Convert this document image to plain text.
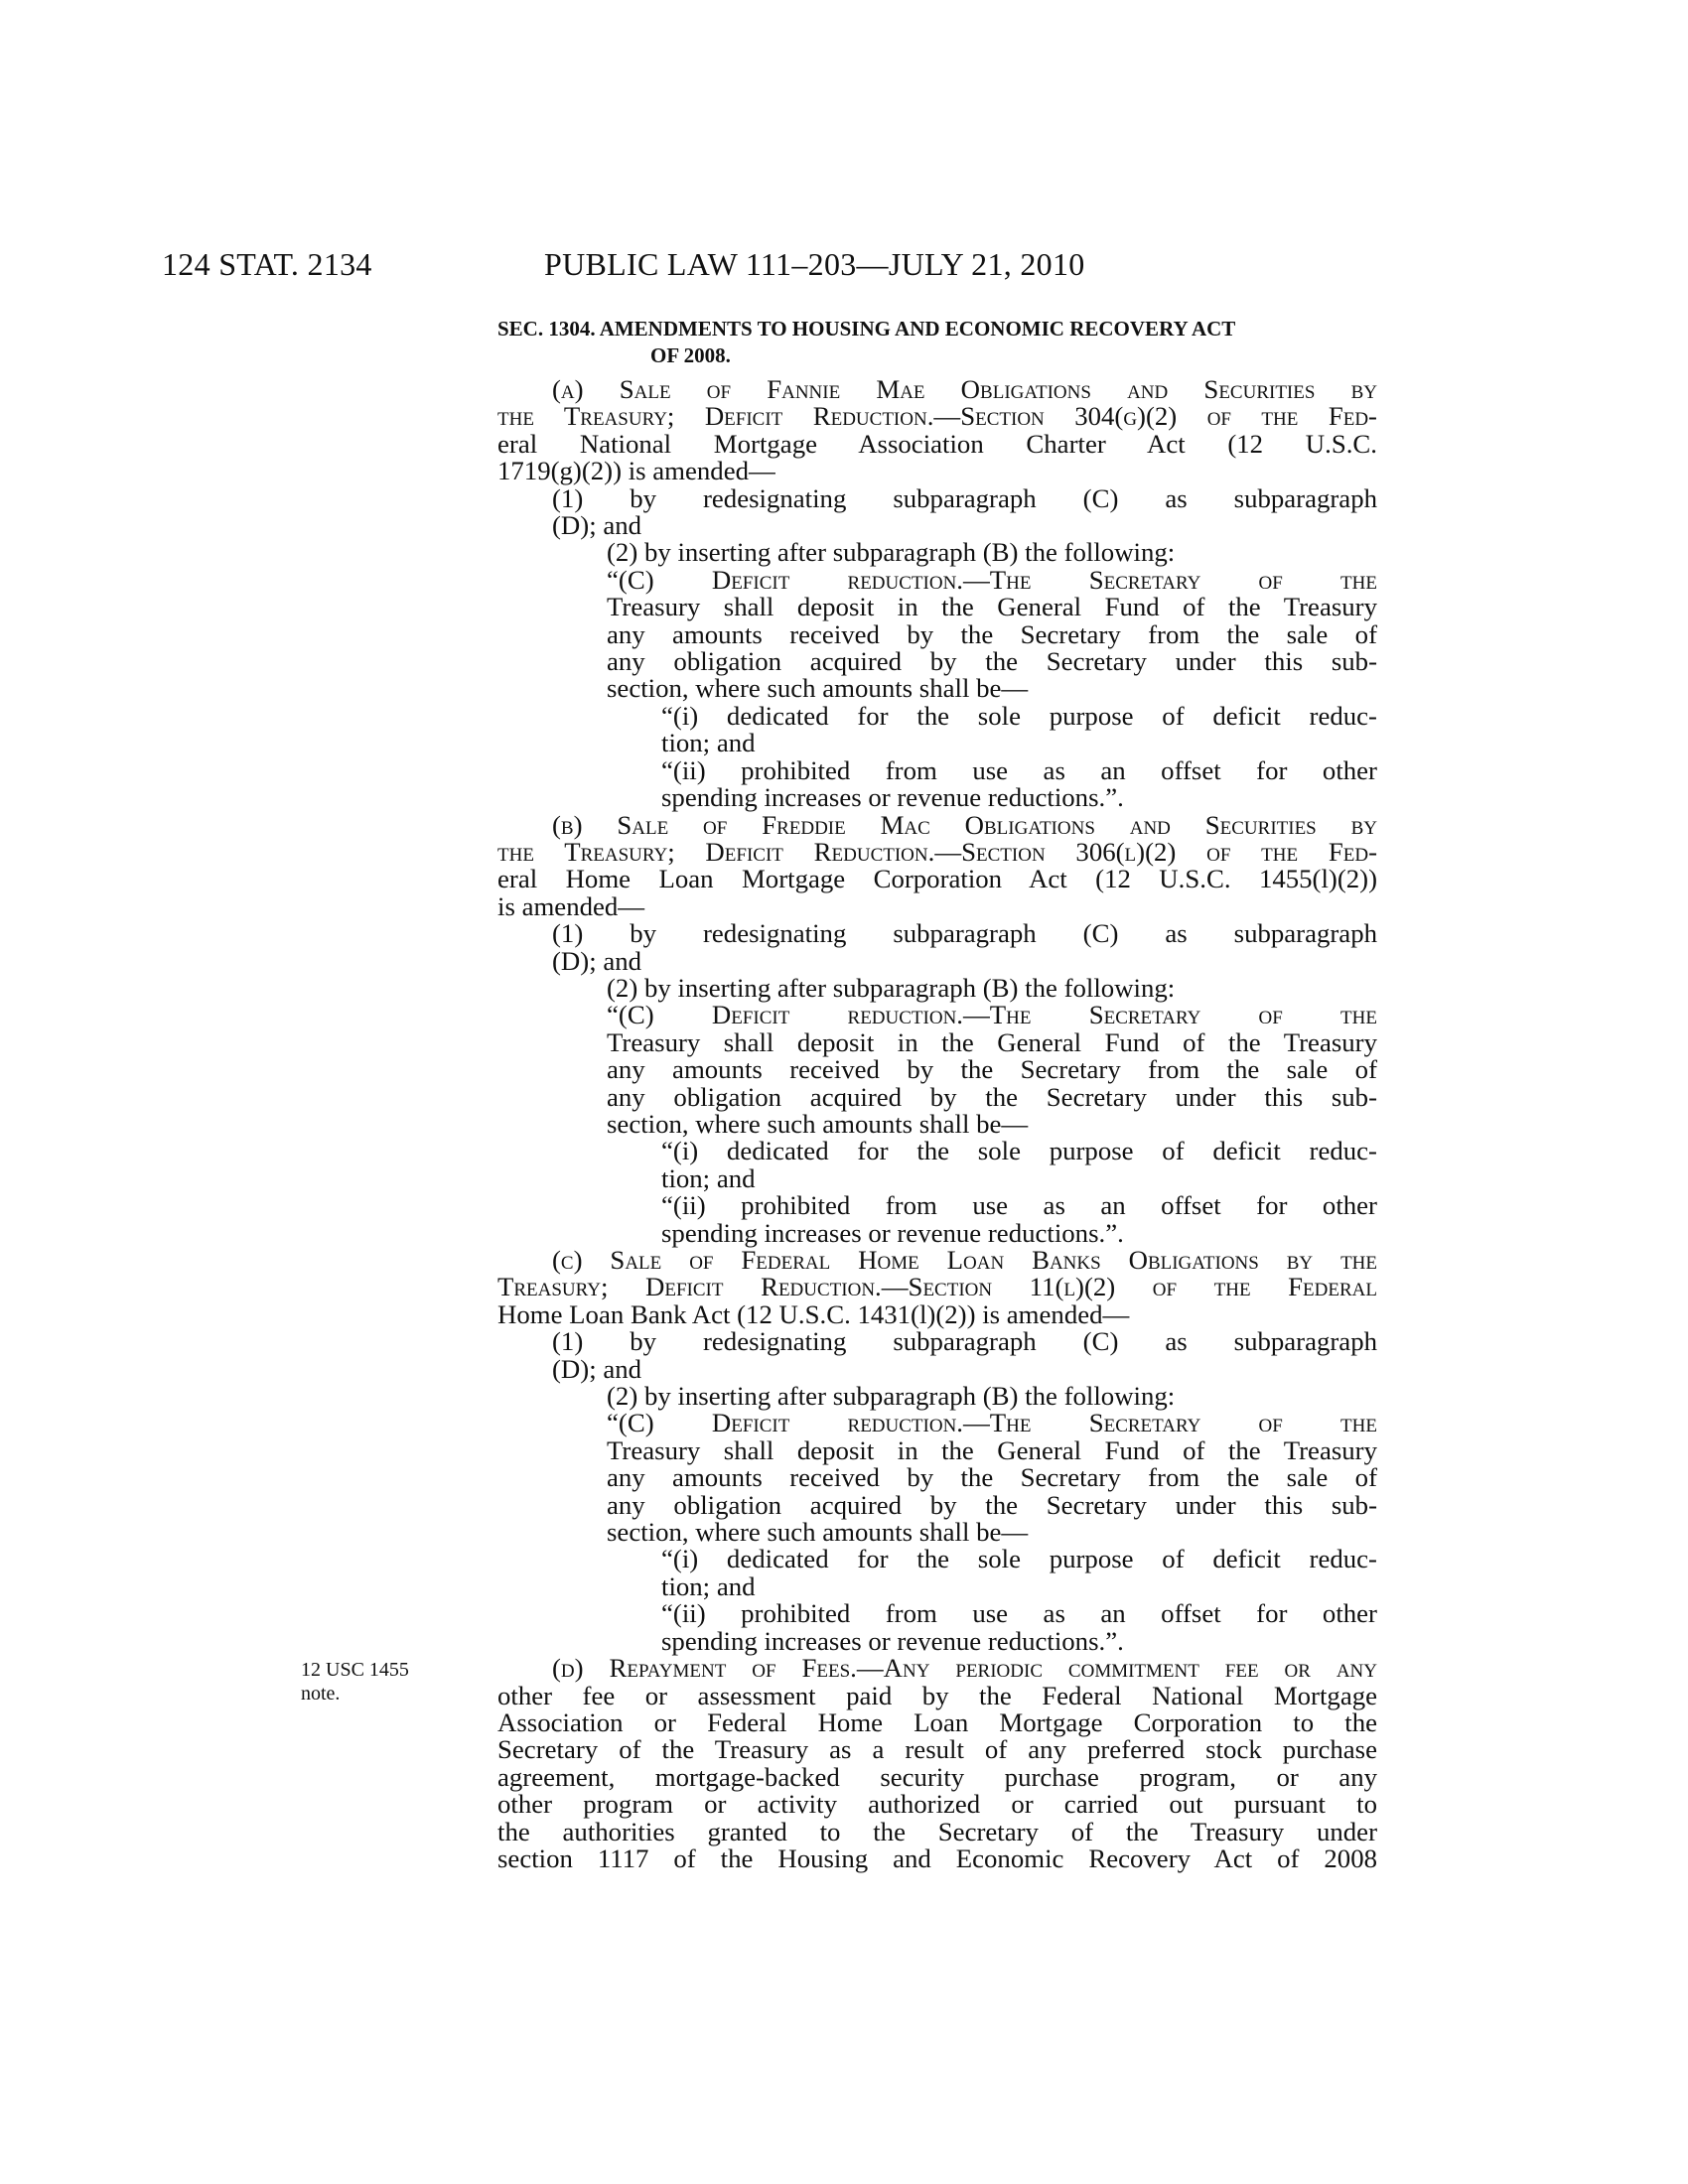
124 STAT. 2134	PUBLIC LAW 111–203—JULY 21, 2010
12 USC 1455
note.
SEC. 1304. AMENDMENTS TO HOUSING AND ECONOMIC RECOVERY ACT
OF 2008.
(a) Sale of Fannie Mae Obligations and Securities by
the Treasury; Deficit Reduction.—Section 304(g)(2) of the Fed-
eral National Mortgage Association Charter Act (12 U.S.C.
1719(g)(2)) is amended—
(1) by redesignating subparagraph (C) as subparagraph
(D); and
(2) by inserting after subparagraph (B) the following:
“(C) Deficit reduction.—The Secretary of the
Treasury shall deposit in the General Fund of the Treasury
any amounts received by the Secretary from the sale of
any obligation acquired by the Secretary under this sub-
section, where such amounts shall be—
“(i) dedicated for the sole purpose of deficit reduc-
tion; and
“(ii) prohibited from use as an offset for other
spending increases or revenue reductions.”.
(b) Sale of Freddie Mac Obligations and Securities by
the Treasury; Deficit Reduction.—Section 306(l)(2) of the Fed-
eral Home Loan Mortgage Corporation Act (12 U.S.C. 1455(l)(2))
is amended—
(1) by redesignating subparagraph (C) as subparagraph
(D); and
(2) by inserting after subparagraph (B) the following:
“(C) Deficit reduction.—The Secretary of the
Treasury shall deposit in the General Fund of the Treasury
any amounts received by the Secretary from the sale of
any obligation acquired by the Secretary under this sub-
section, where such amounts shall be—
“(i) dedicated for the sole purpose of deficit reduc-
tion; and
“(ii) prohibited from use as an offset for other
spending increases or revenue reductions.”.
(c) Sale of Federal Home Loan Banks Obligations by the
Treasury; Deficit Reduction.—Section 11(l)(2) of the Federal
Home Loan Bank Act (12 U.S.C. 1431(l)(2)) is amended—
(1) by redesignating subparagraph (C) as subparagraph
(D); and
(2) by inserting after subparagraph (B) the following:
“(C) Deficit reduction.—The Secretary of the
Treasury shall deposit in the General Fund of the Treasury
any amounts received by the Secretary from the sale of
any obligation acquired by the Secretary under this sub-
section, where such amounts shall be—
“(i) dedicated for the sole purpose of deficit reduc-
tion; and
“(ii) prohibited from use as an offset for other
spending increases or revenue reductions.”.
(d) Repayment of Fees.—Any periodic commitment fee or any
other fee or assessment paid by the Federal National Mortgage
Association or Federal Home Loan Mortgage Corporation to the
Secretary of the Treasury as a result of any preferred stock purchase
agreement, mortgage-backed security purchase program, or any
other program or activity authorized or carried out pursuant to
the authorities granted to the Secretary of the Treasury under
section 1117 of the Housing and Economic Recovery Act of 2008
